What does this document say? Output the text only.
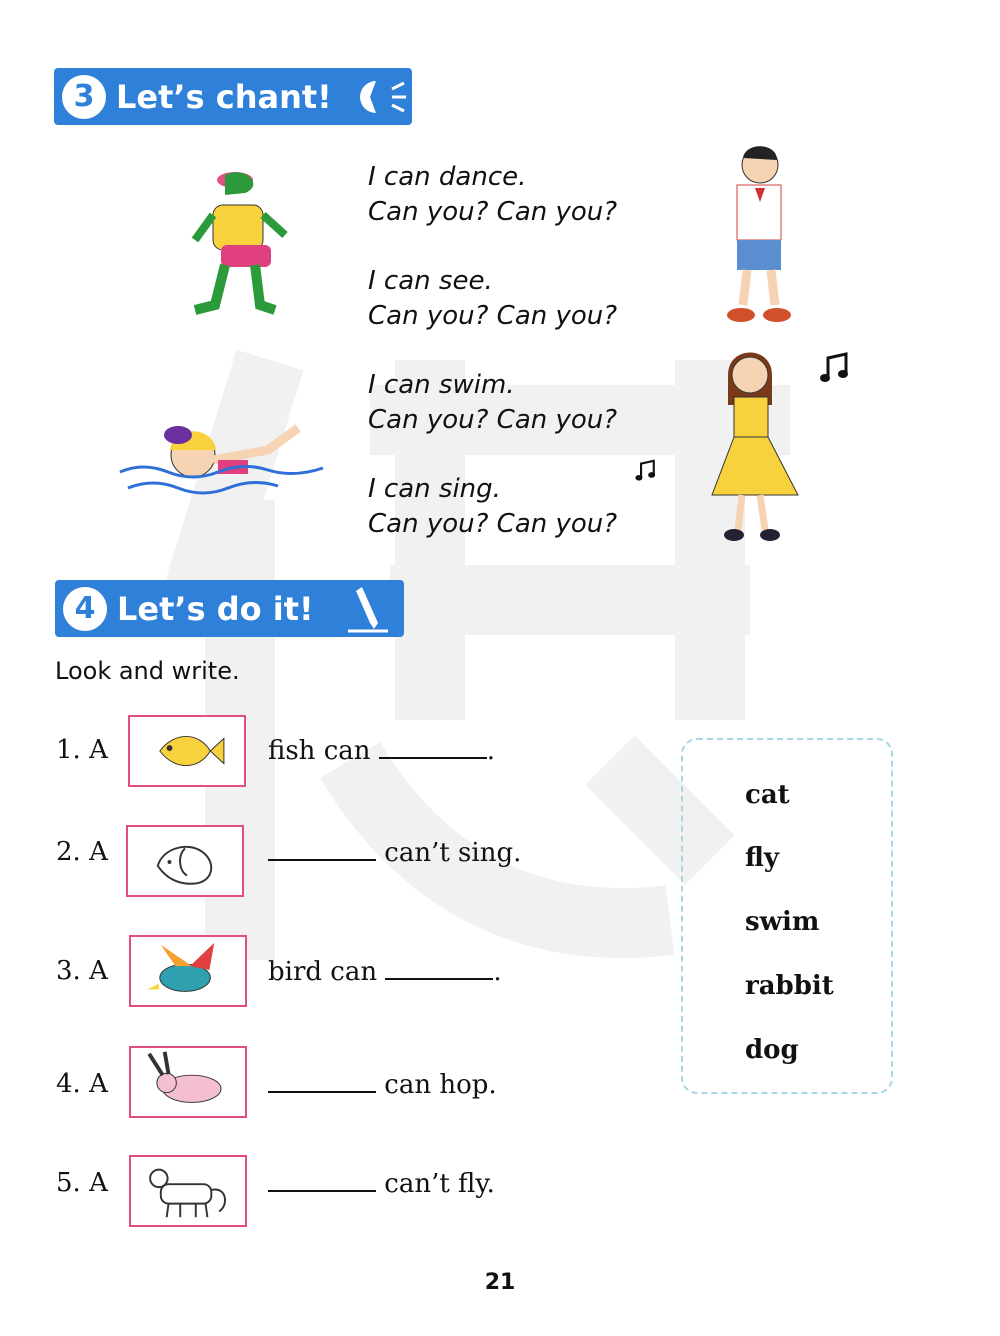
3 Let’s chant!
I can dance.
Can you? Can you?
I can see.
Can you? Can you?
I can swim.
Can you? Can you?
I can sing.
Can you? Can you?
4 Let’s do it!
Look and write.
1. A	fish can	.
2. A	can’t sing.
3. A	bird can	.
4. A	can hop.
5. A	can’t fly.
cat
fly
swim
rabbit
dog
21
